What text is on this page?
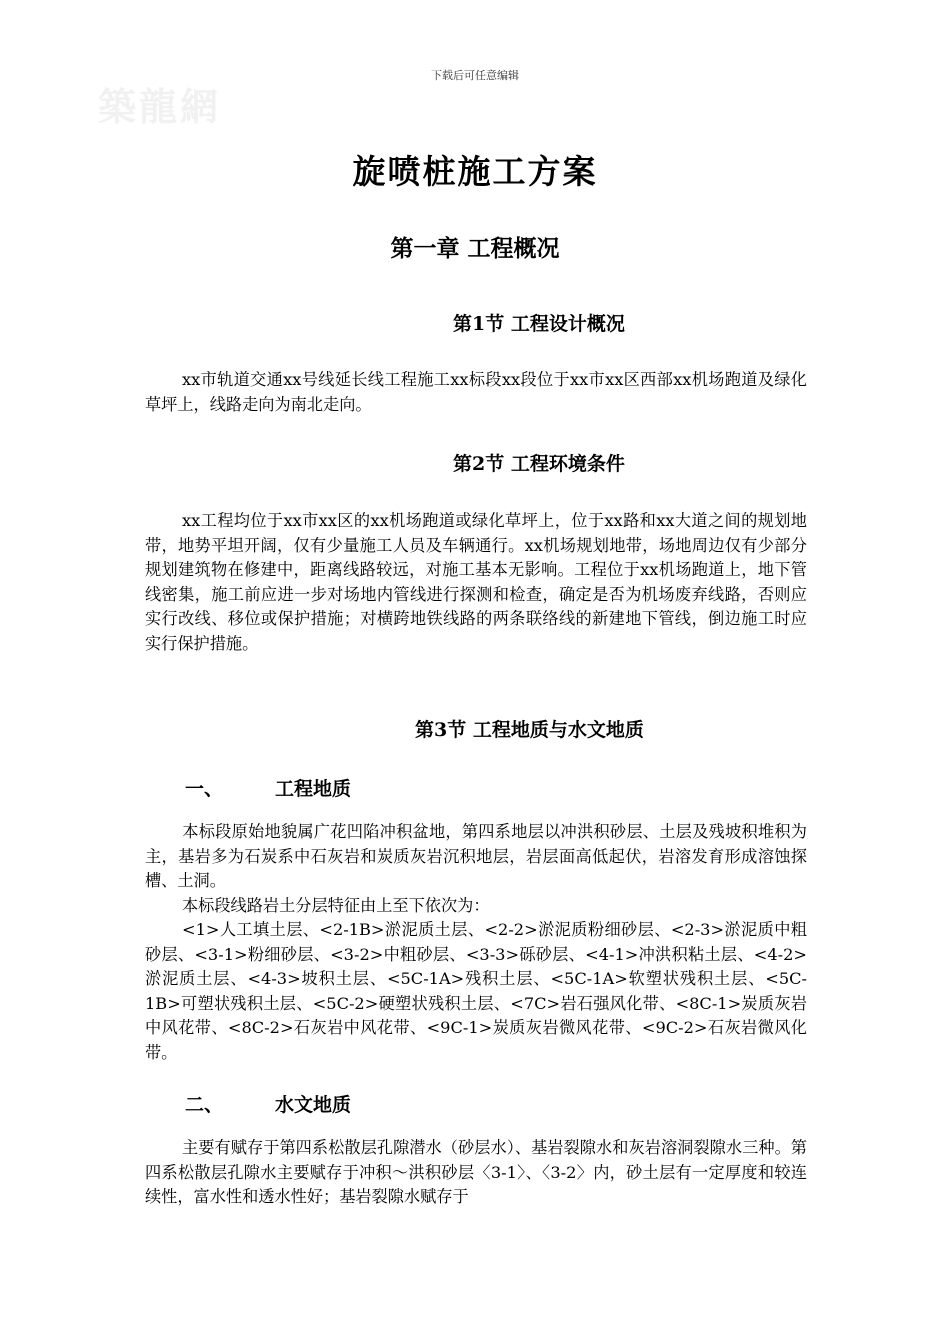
下载后可任意编辑
築龍網
旋喷桩施工方案
第一章 工程概况
第1节 工程设计概况

xx市轨道交通xx号线延长线工程施工xx标段xx段位于xx市xx区西部xx机场跑道及绿化草坪上，线路走向为南北走向。

第2节 工程环境条件

xx工程均位于xx市xx区的xx机场跑道或绿化草坪上，位于xx路和xx大道之间的规划地带，地势平坦开阔，仅有少量施工人员及车辆通行。xx机场规划地带，场地周边仅有少部分规划建筑物在修建中，距离线路较远，对施工基本无影响。工程位于xx机场跑道上，地下管线密集，施工前应进一步对场地内管线进行探测和检查，确定是否为机场废弃线路，否则应实行改线、移位或保护措施；对横跨地铁线路的两条联络线的新建地下管线，倒边施工时应实行保护措施。

第3节 工程地质与水文地质
一、	工程地质

本标段原始地貌属广花凹陷冲积盆地，第四系地层以冲洪积砂层、土层及残坡积堆积为主，基岩多为石炭系中石灰岩和炭质灰岩沉积地层，岩层面高低起伏，岩溶发育形成溶蚀探槽、土洞。

本标段线路岩土分层特征由上至下依次为：

<1>人工填土层、<2-1B>淤泥质土层、<2-2>淤泥质粉细砂层、<2-3>淤泥质中粗砂层、<3-1>粉细砂层、<3-2>中粗砂层、<3-3>砾砂层、<4-1>冲洪积粘土层、<4-2>淤泥质土层、<4-3>坡积土层、<5C-1A>残积土层、<5C-1A>软塑状残积土层、<5C-1B>可塑状残积土层、<5C-2>硬塑状残积土层、<7C>岩石强风化带、<8C-1>炭质灰岩中风花带、<8C-2>石灰岩中风花带、<9C-1>炭质灰岩微风花带、<9C-2>石灰岩微风化带。

二、	水文地质

主要有赋存于第四系松散层孔隙潜水（砂层水）、基岩裂隙水和灰岩溶洞裂隙水三种。第四系松散层孔隙水主要赋存于冲积～洪积砂层〈3-1〉、〈3-2〉内，砂土层有一定厚度和较连续性，富水性和透水性好；基岩裂隙水赋存于
